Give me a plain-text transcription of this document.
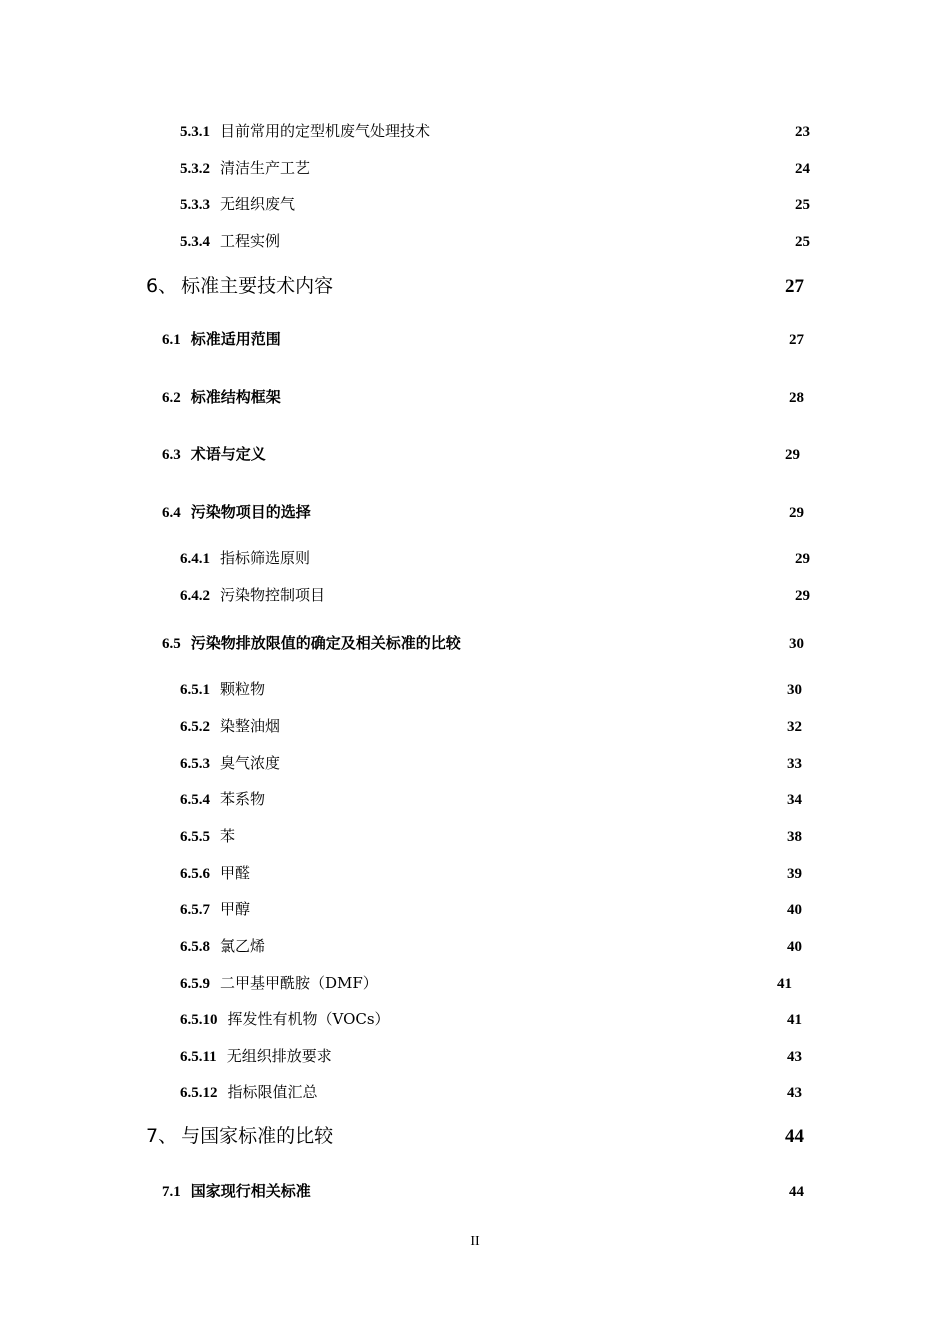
5.3.1 目前常用的定型机废气处理技术	23
5.3.2 清洁生产工艺	24
5.3.3 无组织废气	25
5.3.4 工程实例	25
6、 标准主要技术内容	27
6.1 标准适用范围	27
6.2 标准结构框架	28
6.3 术语与定义	29
6.4 污染物项目的选择	29
6.4.1 指标筛选原则	29
6.4.2 污染物控制项目	29
6.5 污染物排放限值的确定及相关标准的比较	30
6.5.1 颗粒物	30
6.5.2 染整油烟	32
6.5.3 臭气浓度	33
6.5.4 苯系物	34
6.5.5 苯	38
6.5.6 甲醛	39
6.5.7 甲醇	40
6.5.8 氯乙烯	40
6.5.9 二甲基甲酰胺（DMF）	41
6.5.10 挥发性有机物（VOCs）	41
6.5.11 无组织排放要求	43
6.5.12 指标限值汇总	43
7、 与国家标准的比较	44
7.1 国家现行相关标准	44
II
